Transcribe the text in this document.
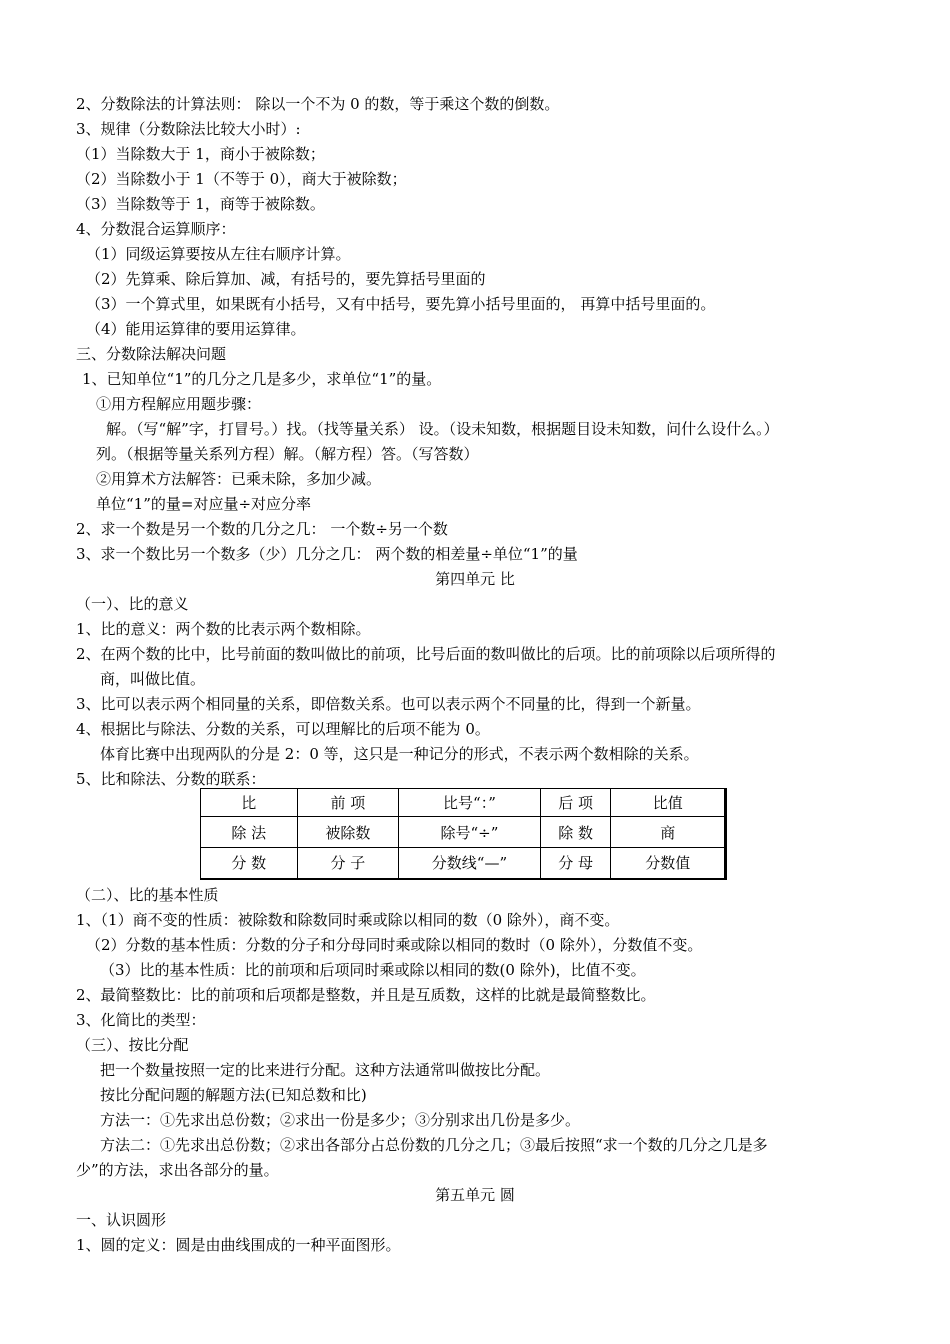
2、分数除法的计算法则： 除以一个不为 0 的数，等于乘这个数的倒数。
3、规律（分数除法比较大小时）:
（1）当除数大于 1，商小于被除数；
（2）当除数小于 1（不等于 0），商大于被除数；
（3）当除数等于 1，商等于被除数。
4、分数混合运算顺序：
（1）同级运算要按从左往右顺序计算。
（2）先算乘、除后算加、减，有括号的，要先算括号里面的
（3）一个算式里，如果既有小括号，又有中括号，要先算小括号里面的， 再算中括号里面的。
（4）能用运算律的要用运算律。
三、分数除法解决问题
1、已知单位“1”的几分之几是多少，求单位“1”的量。
①用方程解应用题步骤：
解。（写“解”字，打冒号。）找。（找等量关系） 设。（设未知数，根据题目设未知数，问什么设什么。）
列。（根据等量关系列方程）解。（解方程）答。（写答数）
②用算术方法解答：已乘未除，多加少减。
单位“1”的量=对应量÷对应分率
2、求一个数是另一个数的几分之几： 一个数÷另一个数
3、求一个数比另一个数多（少）几分之几： 两个数的相差量÷单位“1”的量
（一）、比的意义
1、比的意义：两个数的比表示两个数相除。
2、在两个数的比中，比号前面的数叫做比的前项，比号后面的数叫做比的后项。比的前项除以后项所得的
商，叫做比值。
3、比可以表示两个相同量的关系，即倍数关系。也可以表示两个不同量的比，得到一个新量。
4、根据比与除法、分数的关系，可以理解比的后项不能为 0。
体育比赛中出现两队的分是 2：0 等，这只是一种记分的形式，不表示两个数相除的关系。
5、比和除法、分数的联系：
（二）、比的基本性质
1、（1）商不变的性质：被除数和除数同时乘或除以相同的数（0 除外），商不变。
（2）分数的基本性质：分数的分子和分母同时乘或除以相同的数时（0 除外），分数值不变。
（3）比的基本性质：比的前项和后项同时乘或除以相同的数(0 除外)，比值不变。
2、最简整数比：比的前项和后项都是整数，并且是互质数，这样的比就是最简整数比。
3、化简比的类型：
（三）、按比分配
把一个数量按照一定的比来进行分配。这种方法通常叫做按比分配。
按比分配问题的解题方法(已知总数和比)
方法一：①先求出总份数；②求出一份是多少；③分别求出几份是多少。
方法二：①先求出总份数；②求出各部分占总份数的几分之几；③最后按照“求一个数的几分之几是多
少”的方法，求出各部分的量。
一、认识圆形
1、圆的定义：圆是由曲线围成的一种平面图形。
第四单元 比
第五单元 圆
比	前 项	比号“：”	后 项	比值
除 法	被除数	除号“÷”	除 数	商
分 数	分 子	分数线“—”	分 母	分数值
